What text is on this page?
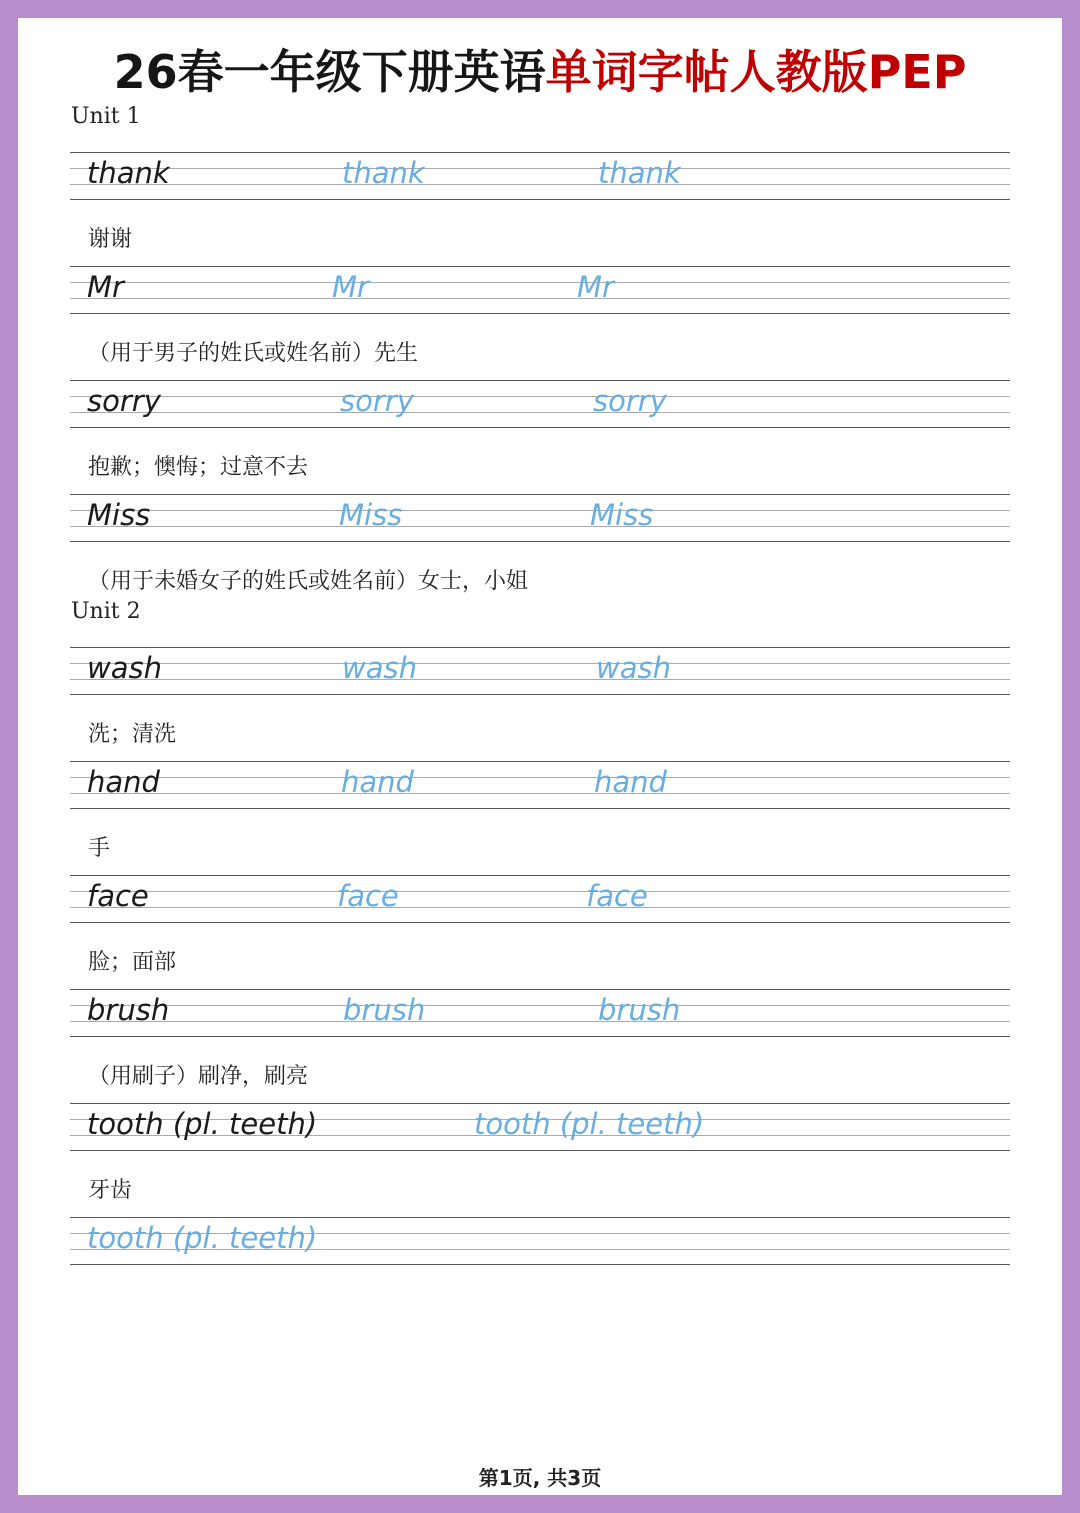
26春一年级下册英语单词字帖人教版PEP
Unit 1
thank	thank	thank
谢谢
Mr	Mr	Mr
（用于男子的姓氏或姓名前）先生
sorry	sorry	sorry
抱歉；懊悔；过意不去
Miss	Miss	Miss
（用于未婚女子的姓氏或姓名前）女士，小姐
Unit 2
wash	wash	wash
洗；清洗
hand	hand	hand
手
face	face	face
脸；面部
brush	brush	brush
（用刷子）刷净，刷亮
tooth (pl. teeth)	tooth (pl. teeth)
牙齿
tooth (pl. teeth)
第1页, 共3页
